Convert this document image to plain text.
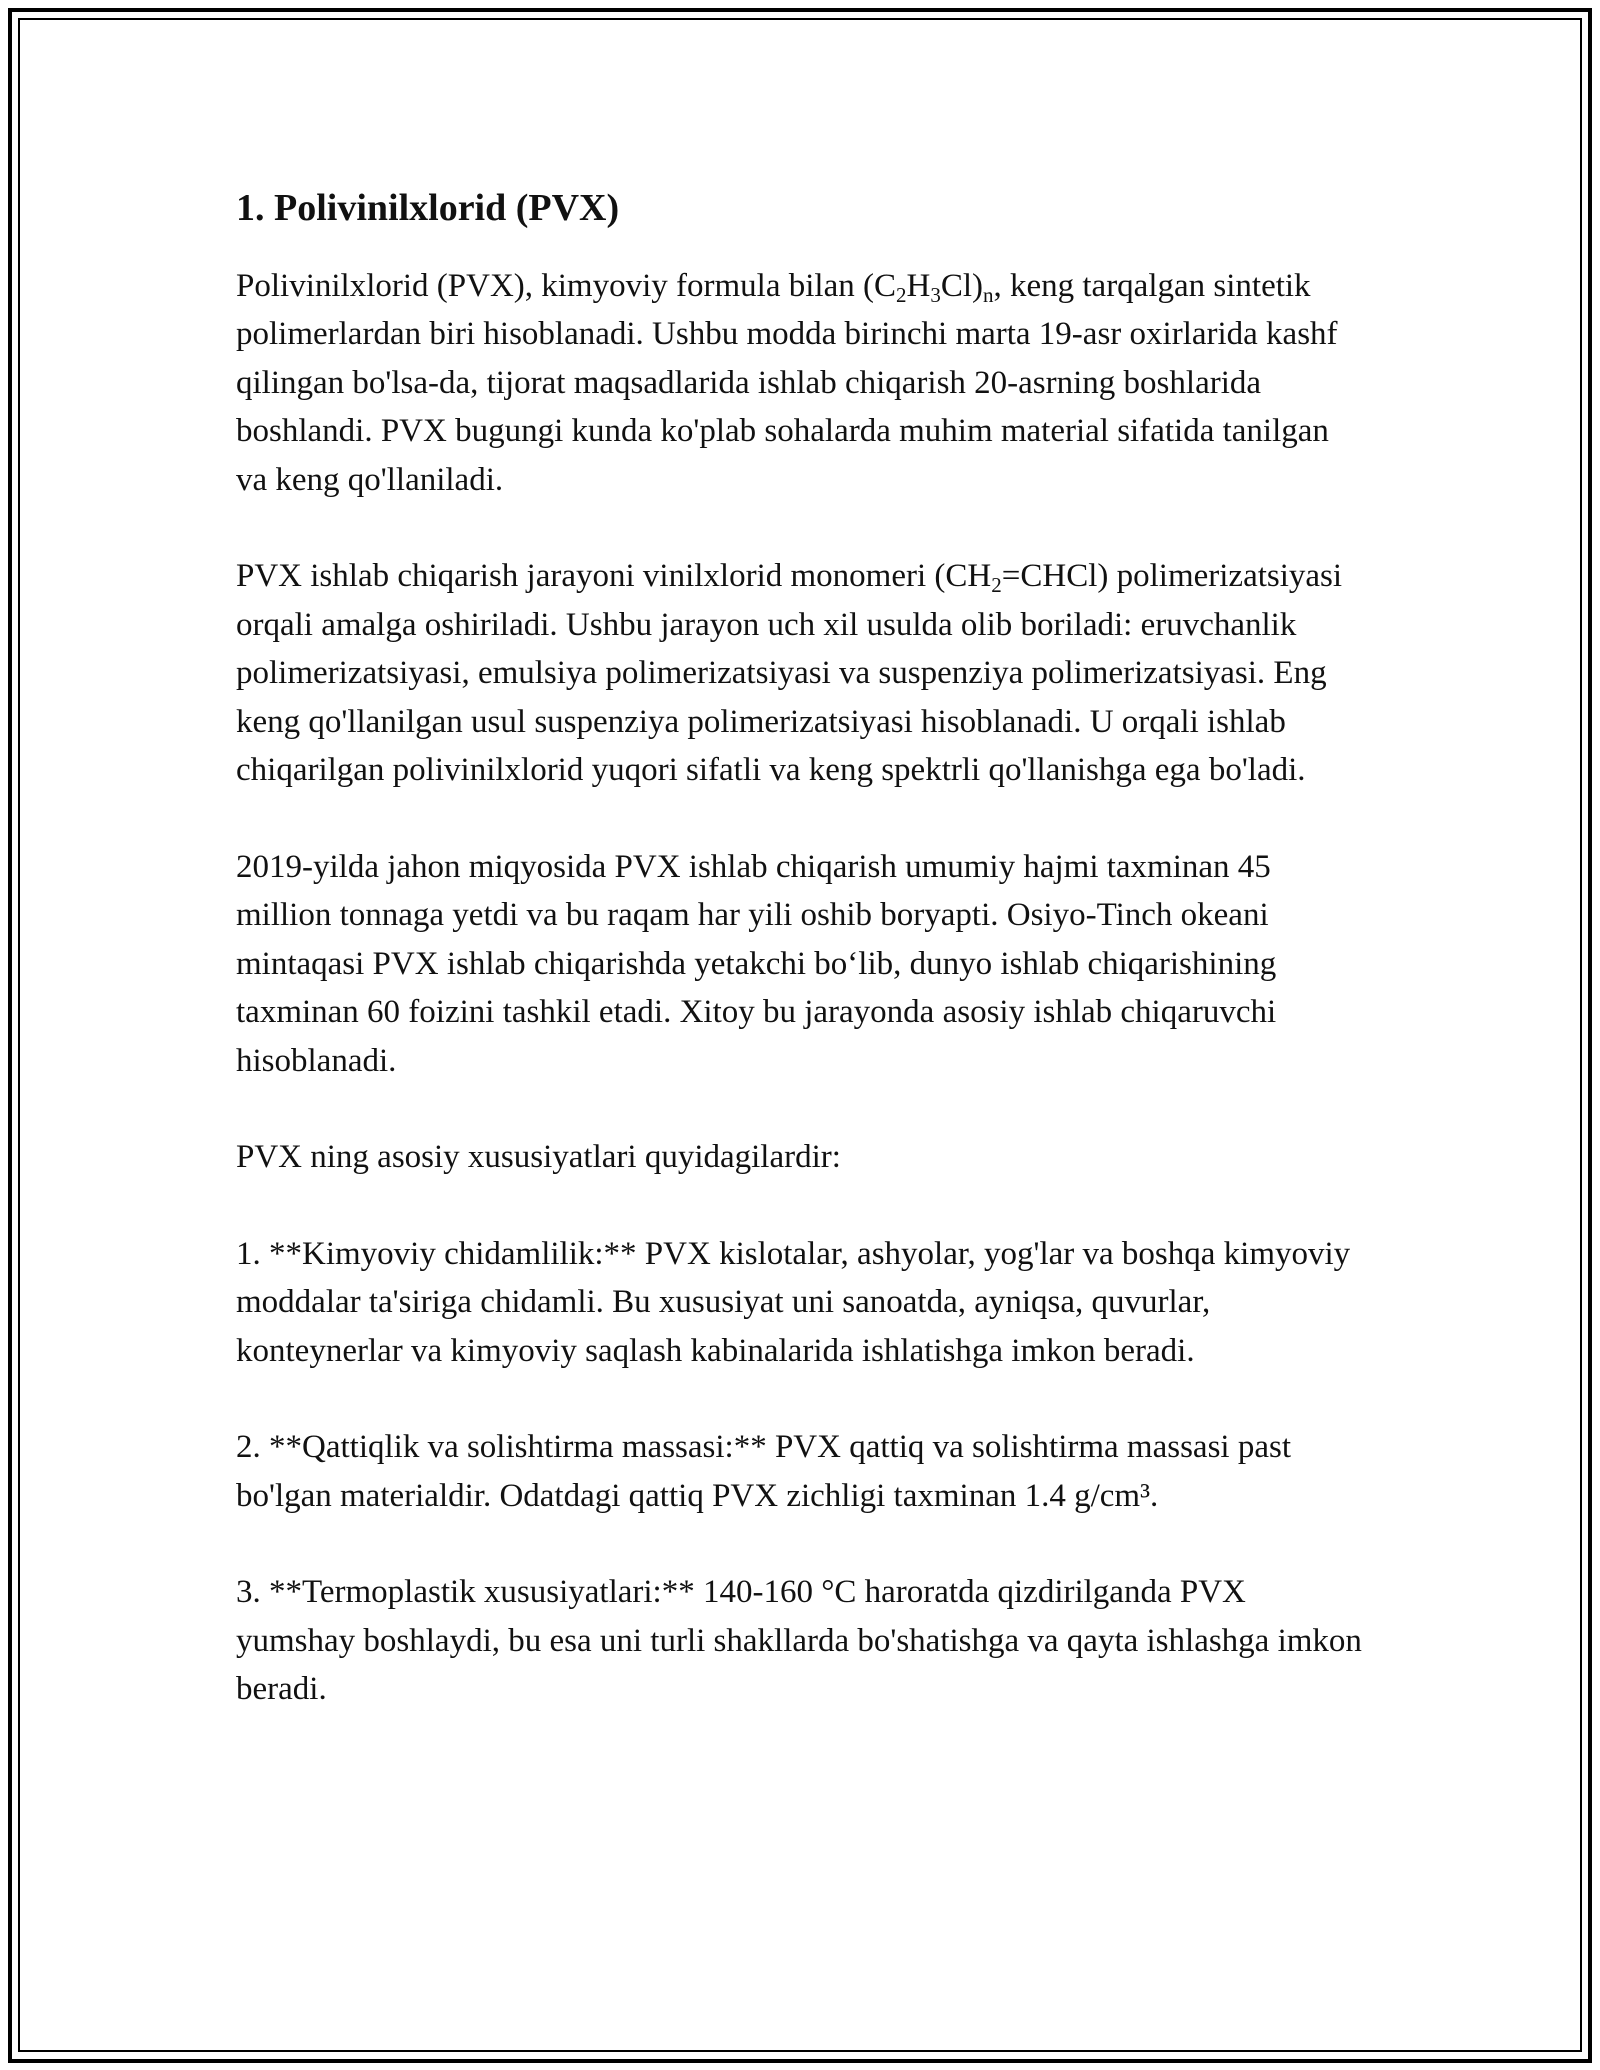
1. Polivinilxlorid (PVX)

Polivinilxlorid (PVX), kimyoviy formula bilan $(C_2H_3Cl)_n$, keng tarqalgan sintetik polimerlardan biri hisoblanadi. Ushbu modda birinchi marta 19-asr oxirlarida kashf qilingan bo'lsa-da, tijorat maqsadlarida ishlab chiqarish 20-asrning boshlarida boshlandi. PVX bugungi kunda ko'plab sohalarda muhim material sifatida tanilgan va keng qo'llaniladi.

PVX ishlab chiqarish jarayoni vinilxlorid monomeri $(CH_2=CHCl)$ polimerizatsiyasi orqali amalga oshiriladi. Ushbu jarayon uch xil usulda olib boriladi: eruvchanlik polimerizatsiyasi, emulsiya polimerizatsiyasi va suspenziya polimerizatsiyasi. Eng keng qo'llanilgan usul suspenziya polimerizatsiyasi hisoblanadi. U orqali ishlab chiqarilgan polivinilxlorid yuqori sifatli va keng spektrli qo'llanishga ega bo'ladi.

2019-yilda jahon miqyosida PVX ishlab chiqarish umumiy hajmi taxminan 45 million tonnaga yetdi va bu raqam har yili oshib boryapti. Osiyo-Tinch okeani mintaqasi PVX ishlab chiqarishda yetakchi bo‘lib, dunyo ishlab chiqarishining taxminan 60 foizini tashkil etadi. Xitoy bu jarayonda asosiy ishlab chiqaruvchi hisoblanadi.

PVX ning asosiy xususiyatlari quyidagilardir:

1. **Kimyoviy chidamlilik:** PVX kislotalar, ashyolar, yog'lar va boshqa kimyoviy moddalar ta'siriga chidamli. Bu xususiyat uni sanoatda, ayniqsa, quvurlar, konteynerlar va kimyoviy saqlash kabinalarida ishlatishga imkon beradi.

2. **Qattiqlik va solishtirma massasi:** PVX qattiq va solishtirma massasi past bo'lgan materialdir. Odatdagi qattiq PVX zichligi taxminan 1.4 g/cm³.

3. **Termoplastik xususiyatlari:** 140-160 °C haroratda qizdirilganda PVX yumshay boshlaydi, bu esa uni turli shakllarda bo'shatishga va qayta ishlashga imkon beradi.
